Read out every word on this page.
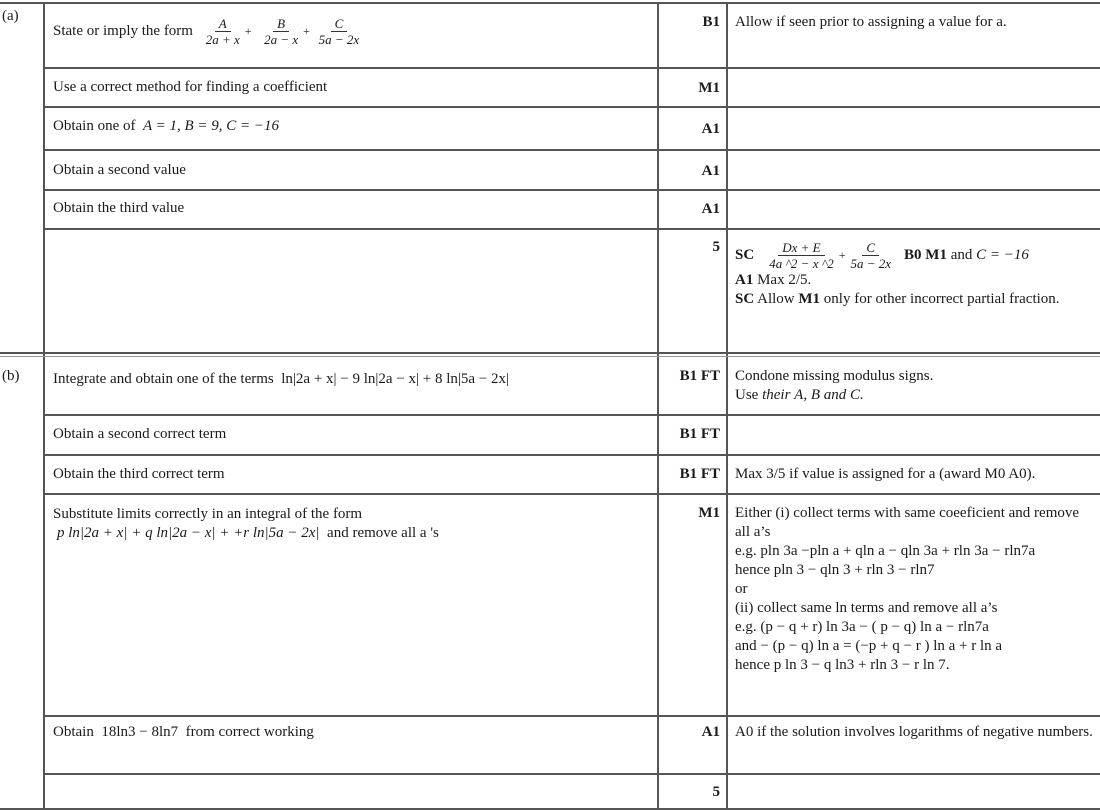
(a)
State or imply the form $\frac{A}{2a + x} + \frac{B}{2a - x} + \frac{C}{5a - 2x}$	B1 Allow if seen prior to assigning a value for a.
Use a correct method for finding a coefficient	M1
Obtain one of A = 1, B = 9, C = −16	A1
Obtain a second value	A1
Obtain the third value	A1
5 SC $\frac{Dx + E}{4a \^{}2 - x \^{}2} + \frac{C}{5a - 2x} B0$ M1
and
C = −16
A1 Max 2/5.
SC Allow M1 only for other incorrect partial fraction.
(b) Integrate and obtain one of the terms ln|2a + x| − 9 ln|2a − x| + 8 ln|5a − 2x|	B1 FT Condone missing modulus signs.
Use their A, B and C.
Obtain a second correct term	B1 FT
Obtain the third correct term	B1 FT Max 3/5 if value is assigned for a (award M0 A0).
Substitute limits correctly in an integral of the form
p ln|2a + x| + q ln|2a − x| + +r ln|5a − 2x| and remove all a 's
M1 Either (i) collect terms with same coeeficient and remove all a’s
e.g. pln 3a −pln a + qln a − qln 3a + rln 3a − rln7a
hence pln 3 − qln 3 + rln 3 − rln7
or
(ii) collect same ln terms and remove all a’s
e.g. (p − q + r) ln 3a − ( p − q) ln a − rln7a
and − (p − q) ln a = (−p + q − r ) ln a + r ln a
hence p ln 3 − q ln3 + rln 3 − r ln 7.
Obtain 18ln3 − 8ln7 from correct working	A1 A0 if the solution involves logarithms of negative numbers.
5
